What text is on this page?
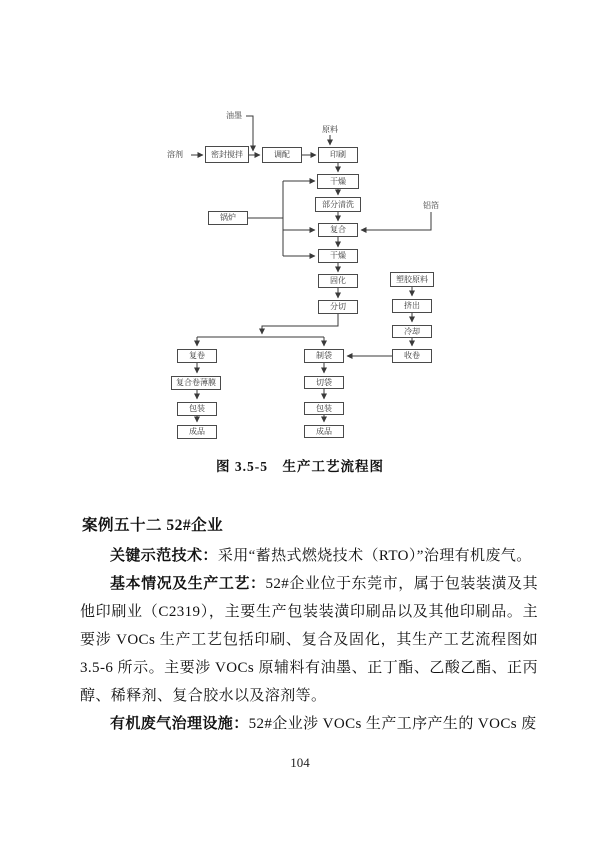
油墨
溶剂
原料
铝箔
密封搅拌	调配	印刷
干燥
部分清洗
锅炉
复合
干燥
固化
分切
塑胶原料
挤出
冷却
收卷
复卷	制袋
复合卷薄膜	切袋
包装	包装
成品	成品
图 3.5-5　生产工艺流程图
案例五十二 52#企业

关键示范技术：采用“蓄热式燃烧技术（RTO）”治理有机废气。

基本情况及生产工艺：52#企业位于东莞市，属于包装装潢及其他印刷业（C2319），主要生产包装装潢印刷品以及其他印刷品。主要涉 VOCs 生产工艺包括印刷、复合及固化，其生产工艺流程图如 3.5-6 所示。主要涉 VOCs 原辅料有油墨、正丁酯、乙酸乙酯、正丙醇、稀释剂、复合胶水以及溶剂等。

有机废气治理设施：52#企业涉 VOCs 生产工序产生的 VOCs 废

104
